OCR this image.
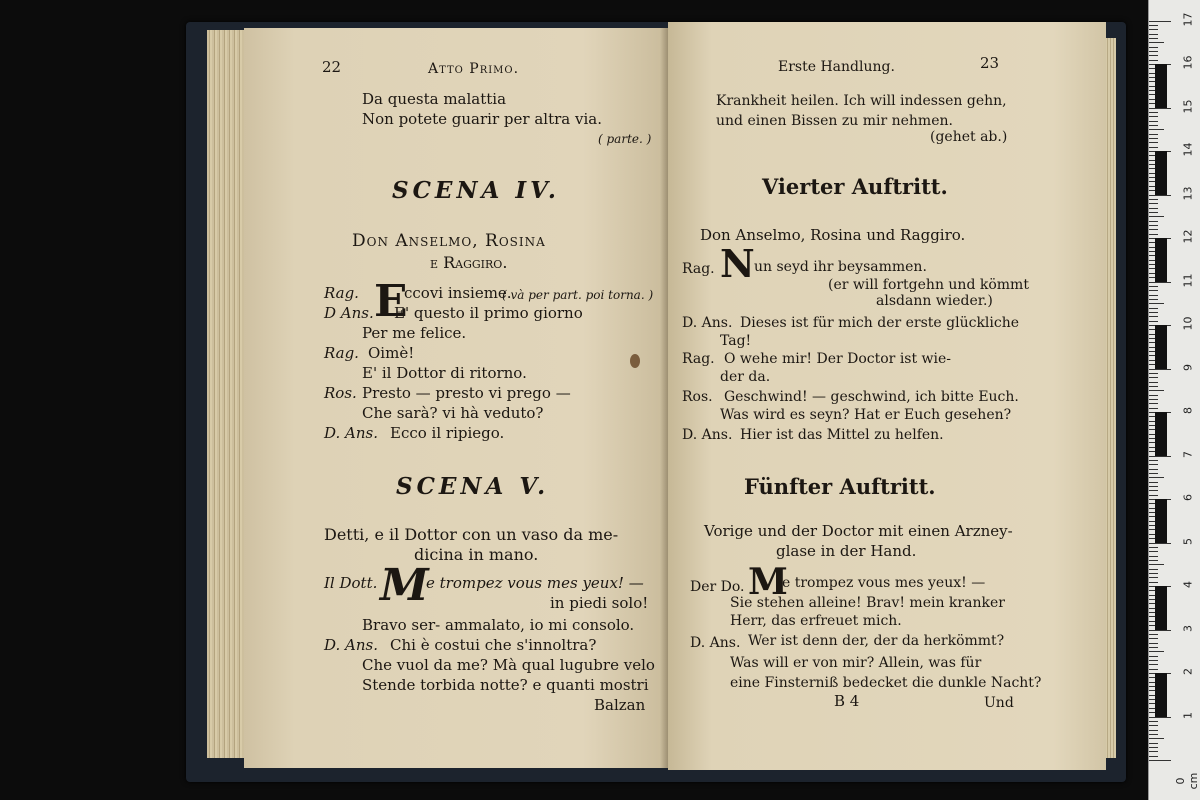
22	Atto Primo.
Da questa malattia
Non potete guarir per altra via.
( parte. )
SCENA IV.
Don Anselmo, Rosina
e Raggiro.
E
Rag.	ccovi insieme.
( và per part. poi torna. )
D Ans. E' questo il primo giorno
Per me felice.
Rag. Oimè!
E' il Dottor di ritorno.
Ros. Presto — presto vi prego —
Che sarà? vi hà veduto?
D. Ans. Ecco il ripiego.
SCENA V.
Detti, e il Dottor con un vaso da me-
dicina in mano.
Il Dott. M
e trompez vous mes yeux! —
in piedi solo!
Bravo ser- ammalato, io mi consolo.
D. Ans. Chi è costui che s'innoltra?
Che vuol da me? Mà qual lugubre velo
Stende torbida notte? e quanti mostri
Balzan
Erste Handlung.	23
Krankheit heilen. Ich will indessen gehn,
und einen Bissen zu mir nehmen.
(gehet ab.)
Vierter Auftritt.
Don Anselmo, Rosina und Raggiro.
Rag. N un seyd ihr beysammen.
(er will fortgehn und kömmt
alsdann wieder.)
D. Ans. Dieses ist für mich der erste glückliche
Tag!
Rag. O wehe mir! Der Doctor ist wie-
der da.
Ros. Geschwind! — geschwind, ich bitte Euch.
Was wird es seyn? Hat er Euch gesehen?
D. Ans. Hier ist das Mittel zu helfen.
Fünfter Auftritt.
Vorige und der Doctor mit einen Arzney-
glase in der Hand.
Der Do. M
e trompez vous mes yeux! —
Sie stehen alleine! Brav! mein kranker
Herr, das erfreuet mich.
D. Ans. Wer ist denn der, der da herkömmt?
Was will er von mir? Allein, was für
eine Finsterniß bedecket die dunkle Nacht?
B 4	Und
1
2
3
4
5
6
7
8
9
10
11
12
13
14
15
16
17
0 cm
